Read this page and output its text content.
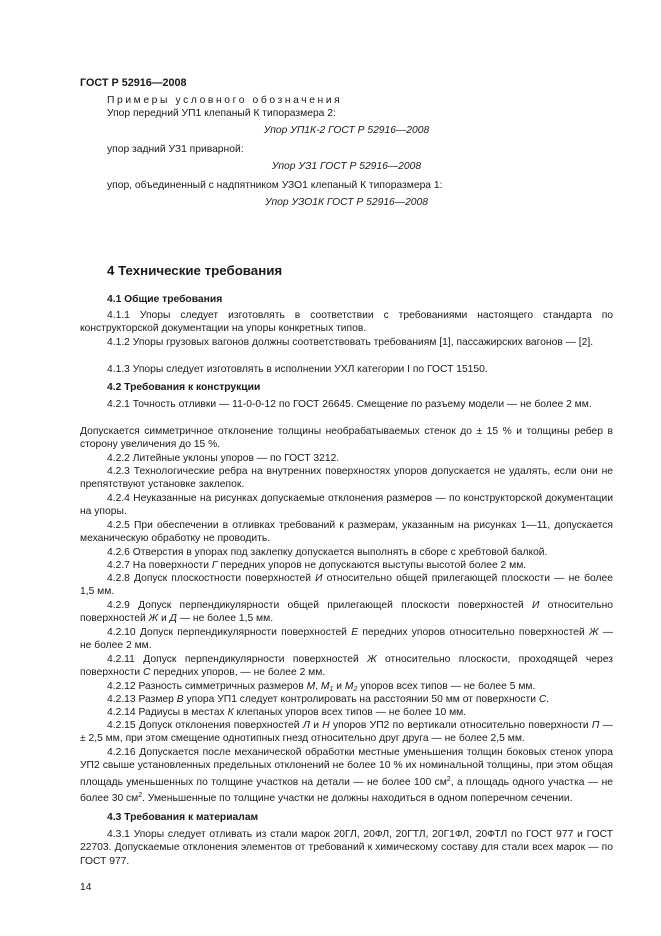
ГОСТ Р 52916—2008
Примеры условного обозначения
Упор передний УП1 клепаный К типоразмера 2:
Упор УП1К-2 ГОСТ Р 52916—2008
упор задний УЗ1 приварной:
Упор УЗ1 ГОСТ Р 52916—2008
упор, объединенный с надпятником УЗО1 клепаный К типоразмера 1:
Упор УЗО1К ГОСТ Р 52916—2008
4 Технические требования
4.1 Общие требования
4.1.1 Упоры следует изготовлять в соответствии с требованиями настоящего стандарта по конструкторской документации на упоры конкретных типов.
4.1.2 Упоры грузовых вагонов должны соответствовать требованиям [1], пассажирских вагонов — [2].
4.1.3 Упоры следует изготовлять в исполнении УХЛ категории I по ГОСТ 15150.
4.2 Требования к конструкции
4.2.1 Точность отливки — 11-0-0-12 по ГОСТ 26645. Смещение по разъему модели — не более 2 мм.
Допускается симметричное отклонение толщины необрабатываемых стенок до ± 15 % и толщины ребер в сторону увеличения до 15 %.
4.2.2 Литейные уклоны упоров — по ГОСТ 3212.
4.2.3 Технологические ребра на внутренних поверхностях упоров допускается не удалять, если они не препятствуют установке заклепок.
4.2.4 Неуказанные на рисунках допускаемые отклонения размеров — по конструкторской документации на упоры.
4.2.5 При обеспечении в отливках требований к размерам, указанным на рисунках 1—11, допускается механическую обработку не проводить.
4.2.6 Отверстия в упорах под заклепку допускается выполнять в сборе с хребтовой балкой.
4.2.7 На поверхности Г передних упоров не допускаются выступы высотой более 2 мм.
4.2.8 Допуск плоскостности поверхностей И относительно общей прилегающей плоскости — не более 1,5 мм.
4.2.9 Допуск перпендикулярности общей прилегающей плоскости поверхностей И относительно поверхностей Ж и Д — не более 1,5 мм.
4.2.10 Допуск перпендикулярности поверхностей Е передних упоров относительно поверхностей Ж — не более 2 мм.
4.2.11 Допуск перпендикулярности поверхностей Ж относительно плоскости, проходящей через поверхности С передних упоров, — не более 2 мм.
4.2.12 Разность симметричных размеров М, $М_1$ и $М_2$ упоров всех типов — не более 5 мм.
4.2.13 Размер В упора УП1 следует контролировать на расстоянии 50 мм от поверхности С.
4.2.14 Радиусы в местах К клепаных упоров всех типов — не более 10 мм.
4.2.15 Допуск отклонения поверхностей Л и Н упоров УП2 по вертикали относительно поверхности П — ± 2,5 мм, при этом смещение однотипных гнезд относительно друг друга — не более 2,5 мм.
4.2.16 Допускается после механической обработки местные уменьшения толщин боковых стенок упора УП2 свыше установленных предельных отклонений не более 10 % их номинальной толщины, при этом общая площадь уменьшенных по толщине участков на детали — не более 100 $см^2$, а площадь одного участка — не более 30 $см^2$. Уменьшенные по толщине участки не должны находиться в одном поперечном сечении.
4.3 Требования к материалам
4.3.1 Упоры следует отливать из стали марок 20ГЛ, 20ФЛ, 20ГТЛ, 20Г1ФЛ, 20ФТЛ по ГОСТ 977 и ГОСТ 22703. Допускаемые отклонения элементов от требований к химическому составу для стали всех марок — по ГОСТ 977.
14
